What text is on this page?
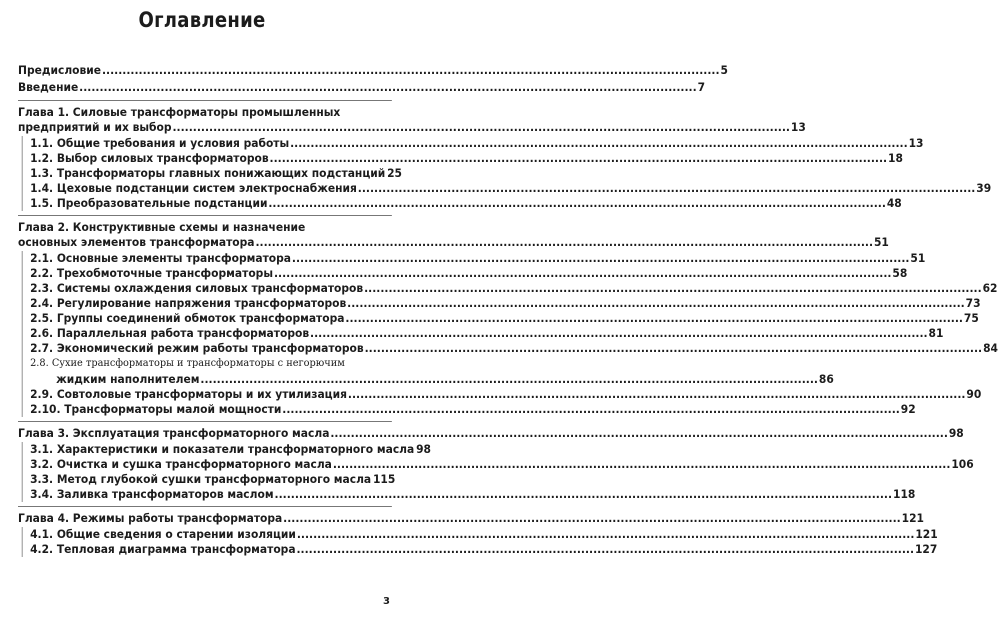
Оглавление
Предисловие .....	5
Введение .....	7
Глава 1. Силовые трансформаторы промышленных
предприятий и их выбор .....	13
1.1. Общие требования и условия работы .....	13
1.2. Выбор силовых трансформаторов .....	18
1.3. Трансформаторы главных понижающих подстанций 25
1.4. Цеховые подстанции систем электроснабжения .....	39
1.5. Преобразовательные подстанции .....	48
Глава 2. Конструктивные схемы и назначение
основных элементов трансформатора .....	51
2.1. Основные элементы трансформатора .....	51
2.2. Трехобмоточные трансформаторы .....	58
2.3. Системы охлаждения силовых трансформаторов .....	62
2.4. Регулирование напряжения трансформаторов .....	73
2.5. Группы соединений обмоток трансформатора .....	75
2.6. Параллельная работа трансформаторов .....	81
2.7. Экономический режим работы трансформаторов .....	84
2.8. Сухие трансформаторы и трансформаторы с негорючим
жидким наполнителем .....	86
2.9. Совтоловые трансформаторы и их утилизация .....	90
2.10. Трансформаторы малой мощности .....	92
Глава 3. Эксплуатация трансформаторного масла .....	98
3.1. Характеристики и показатели трансформаторного масла 98
3.2. Очистка и сушка трансформаторного масла .....	106
3.3. Метод глубокой сушки трансформаторного масла 115
3.4. Заливка трансформаторов маслом .....	118
Глава 4. Режимы работы трансформатора .....	121
4.1. Общие сведения о старении изоляции .....	121
4.2. Тепловая диаграмма трансформатора .....	127
3
